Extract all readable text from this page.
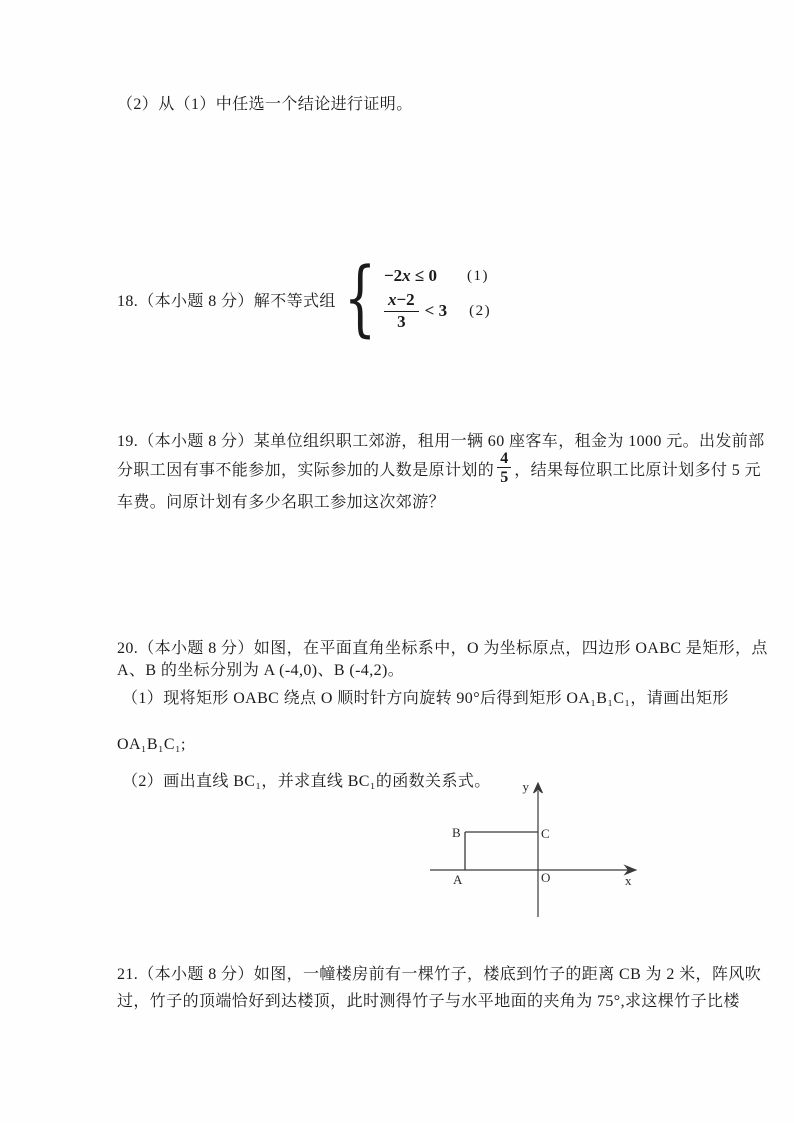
（2）从（1）中任选一个结论进行证明。
18.（本小题 8 分）解不等式组 { −2x ≤ 0 (1)
$\frac{x-2}{3} < 3$ (2)
19.（本小题 8 分）某单位组织职工郊游，租用一辆 60 座客车，租金为 1000 元。出发前部
分职工因有事不能参加，实际参加的人数是原计划的 $\frac{4}{5}$ ，结果每位职工比原计划多付 5 元
车费。问原计划有多少名职工参加这次郊游？
20.（本小题 8 分）如图，在平面直角坐标系中，O 为坐标原点，四边形 OABC 是矩形，点
A、B 的坐标分别为 A (-4,0)、B (-4,2)。
（1）现将矩形 OABC 绕点 O 顺时针方向旋转 90°后得到矩形 OA₁B₁C₁，请画出矩形
OA₁B₁C₁;
（2）画出直线 BC₁，并求直线 BC₁的函数关系式。 y
x
O
A
B	C
21.（本小题 8 分）如图，一幢楼房前有一棵竹子，楼底到竹子的距离 CB 为 2 米，阵风吹
过，竹子的顶端恰好到达楼顶，此时测得竹子与水平地面的夹角为 75°,求这棵竹子比楼
